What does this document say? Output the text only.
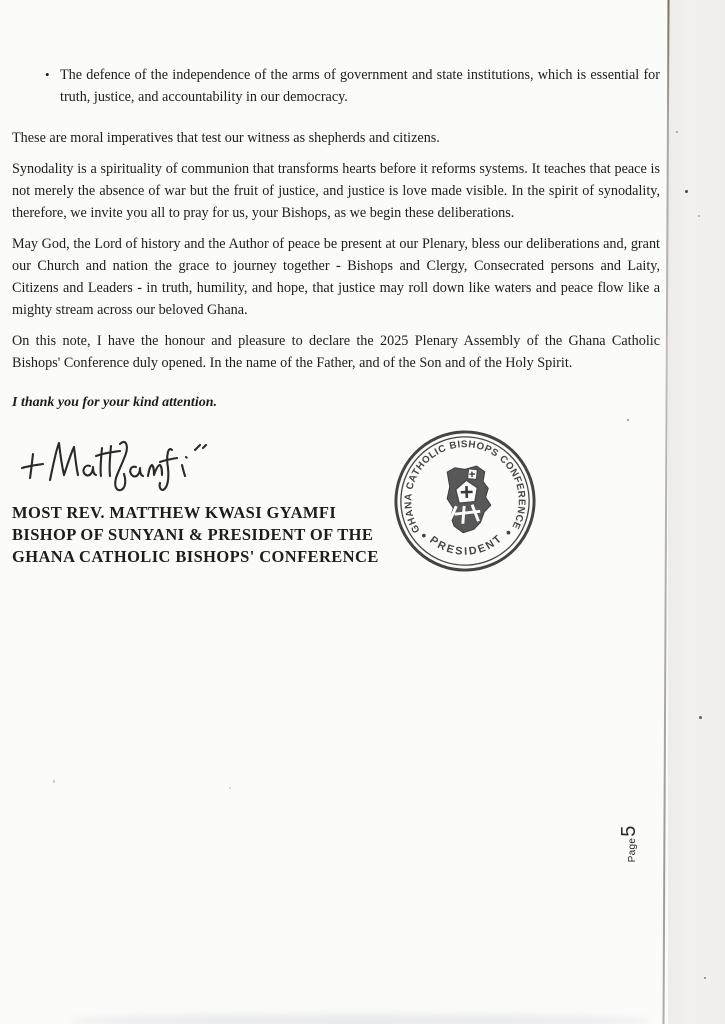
• The defence of the independence of the arms of government and state institutions, which is essential for truth, justice, and accountability in our democracy.

These are moral imperatives that test our witness as shepherds and citizens.

Synodality is a spirituality of communion that transforms hearts before it reforms systems. It teaches that peace is not merely the absence of war but the fruit of justice, and justice is love made visible. In the spirit of synodality, therefore, we invite you all to pray for us, your Bishops, as we begin these deliberations.

May God, the Lord of history and the Author of peace be present at our Plenary, bless our deliberations and, grant our Church and nation the grace to journey together - Bishops and Clergy, Consecrated persons and Laity, Citizens and Leaders - in truth, humility, and hope, that justice may roll down like waters and peace flow like a mighty stream across our beloved Ghana.

On this note, I have the honour and pleasure to declare the 2025 Plenary Assembly of the Ghana Catholic Bishops' Conference duly opened. In the name of the Father, and of the Son and of the Holy Spirit.

I thank you for your kind attention.

MOST REV. MATTHEW KWASI GYAMFI
BISHOP OF SUNYANI & PRESIDENT OF THE
GHANA CATHOLIC BISHOPS' CONFERENCE
GHANA CATHOLIC BISHOPS CONFERENCE
PRESIDENT
Page
5
